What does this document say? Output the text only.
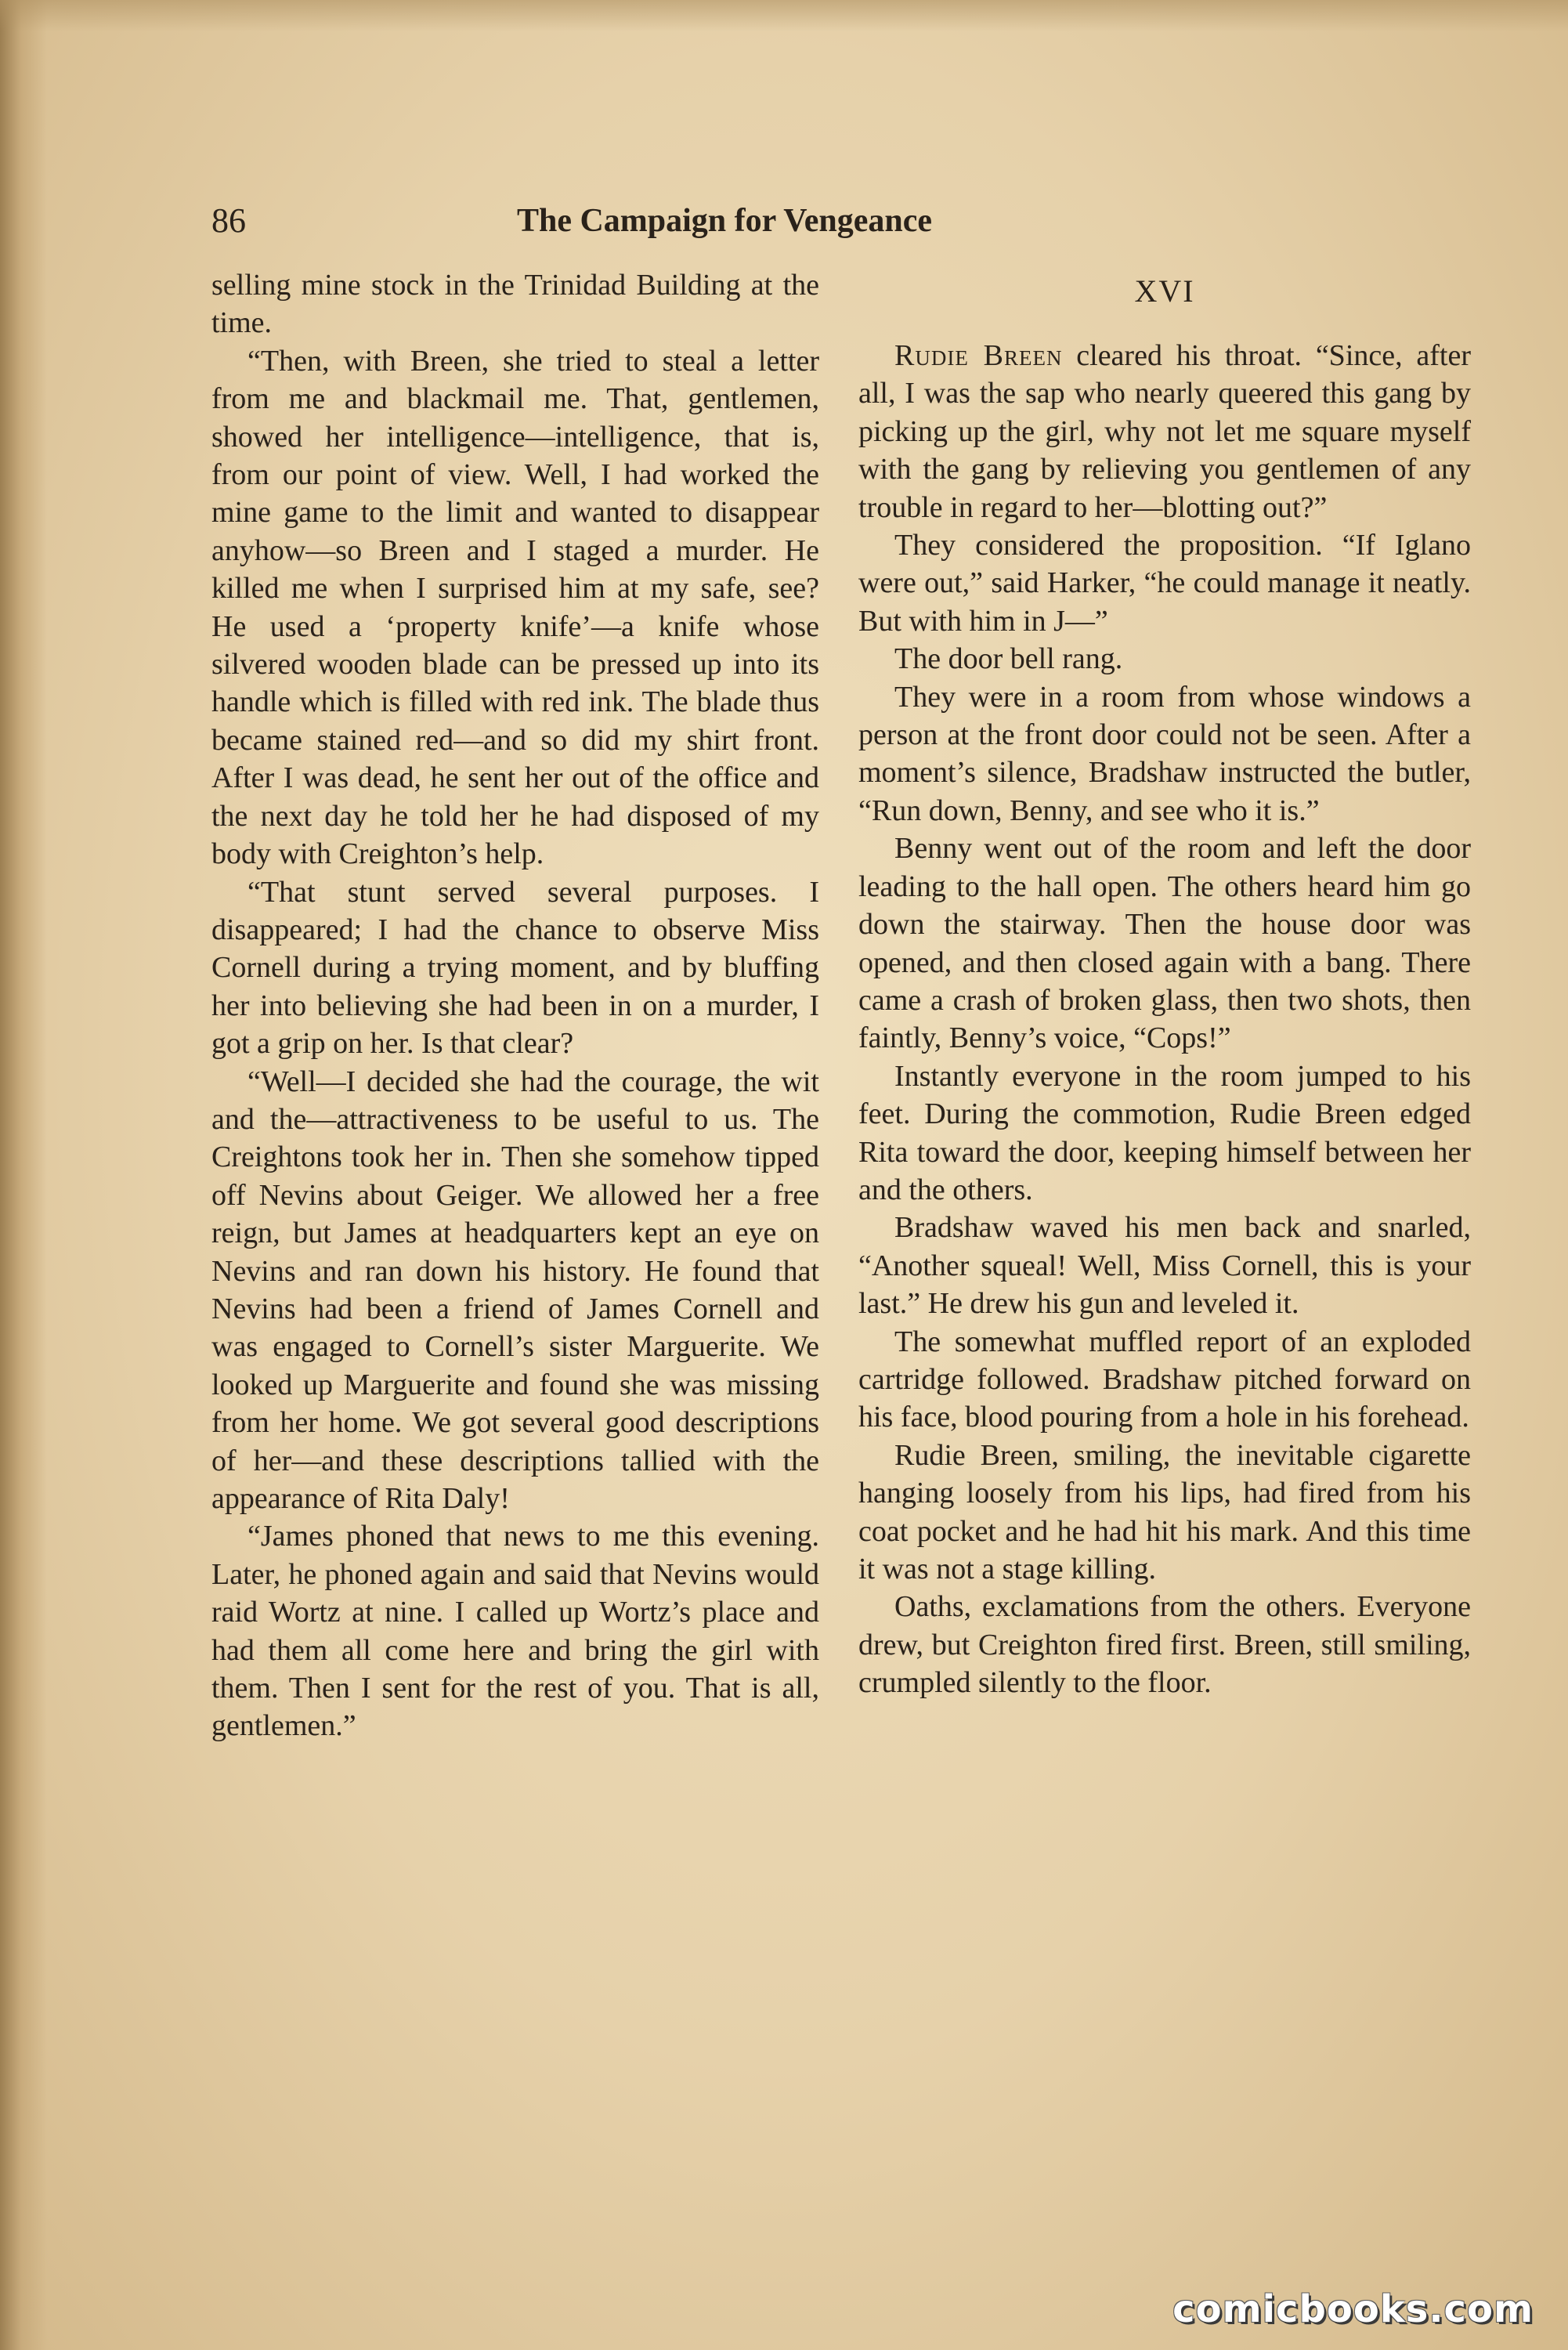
86	The Campaign for Vengeance

selling mine stock in the Trinidad Building at the time.

“Then, with Breen, she tried to steal a letter from me and blackmail me. That, gentlemen, showed her intelligence—intelligence, that is, from our point of view. Well, I had worked the mine game to the limit and wanted to disappear anyhow—so Breen and I staged a murder. He killed me when I surprised him at my safe, see? He used a ‘property knife’—a knife whose silvered wooden blade can be pressed up into its handle which is filled with red ink. The blade thus became stained red—and so did my shirt front. After I was dead, he sent her out of the office and the next day he told her he had disposed of my body with Creighton’s help.

“That stunt served several purposes. I disappeared; I had the chance to observe Miss Cornell during a trying moment, and by bluffing her into believing she had been in on a murder, I got a grip on her. Is that clear?

“Well—I decided she had the courage, the wit and the—attractiveness to be useful to us. The Creightons took her in. Then she somehow tipped off Nevins about Geiger. We allowed her a free reign, but James at headquarters kept an eye on Nevins and ran down his history. He found that Nevins had been a friend of James Cornell and was engaged to Cornell’s sister Marguerite. We looked up Marguerite and found she was missing from her home. We got several good descriptions of her—and these descriptions tallied with the appearance of Rita Daly!

“James phoned that news to me this evening. Later, he phoned again and said that Nevins would raid Wortz at nine. I called up Wortz’s place and had them all come here and bring the girl with them. Then I sent for the rest of you. That is all, gentlemen.”

XVI

Rudie Breen cleared his throat. “Since, after all, I was the sap who nearly queered this gang by picking up the girl, why not let me square myself with the gang by relieving you gentlemen of any trouble in regard to her—blotting out?”

They considered the proposition. “If Iglano were out,” said Harker, “he could manage it neatly. But with him in J—”

The door bell rang.

They were in a room from whose windows a person at the front door could not be seen. After a moment’s silence, Bradshaw instructed the butler, “Run down, Benny, and see who it is.”

Benny went out of the room and left the door leading to the hall open. The others heard him go down the stairway. Then the house door was opened, and then closed again with a bang. There came a crash of broken glass, then two shots, then faintly, Benny’s voice, “Cops!”

Instantly everyone in the room jumped to his feet. During the commotion, Rudie Breen edged Rita toward the door, keeping himself between her and the others.

Bradshaw waved his men back and snarled, “Another squeal! Well, Miss Cornell, this is your last.” He drew his gun and leveled it.

The somewhat muffled report of an exploded cartridge followed. Bradshaw pitched forward on his face, blood pouring from a hole in his forehead.

Rudie Breen, smiling, the inevitable cigarette hanging loosely from his lips, had fired from his coat pocket and he had hit his mark. And this time it was not a stage killing.

Oaths, exclamations from the others. Everyone drew, but Creighton fired first. Breen, still smiling, crumpled silently to the floor.

comicbooks.com
